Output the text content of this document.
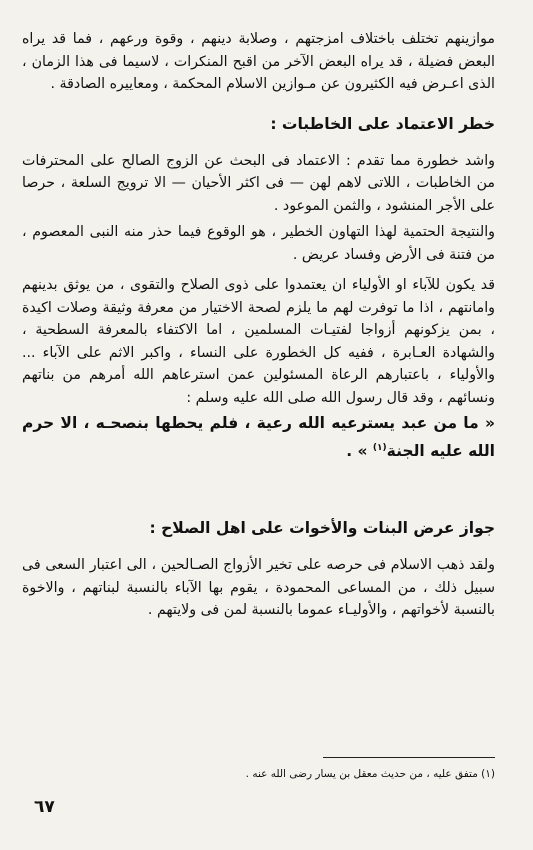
موازينهم تختلف باختلاف امزجتهم ، وصلابة دينهم ، وقوة ورعهم ، فما قد يراه البعض فضيلة ، قد يراه البعض الآخر من اقبح المنكرات ، لاسيما فى هذا الزمان ، الذى اعـرض فيه الكثيرون عن مـوازين الاسلام المحكمة ، ومعاييره الصادقة .

خطر الاعتماد على الخاطبات :

واشد خطورة مما تقدم : الاعتماد فى البحث عن الزوج الصالح على المحترفات من الخاطبات ، اللاتى لاهم لهن — فى اكثر الأحيان — الا ترويج السلعة ، حرصا على الأجر المنشود ، والثمن الموعود .

والنتيجة الحتمية لهذا التهاون الخطير ، هو الوقوع فيما حذر منه النبى المعصوم ، من فتنة فى الأرض وفساد عريض .

قد يكون للآباء او الأولياء ان يعتمدوا على ذوى الصلاح والتقوى ، من يوثق بدينهم وامانتهم ، اذا ما توفرت لهم ما يلزم لصحة الاختيار من معرفة وثيقة وصلات اكيدة ، بمن يزكونهم أزواجا لفتيـات المسلمين ، اما الاكتفاء بالمعرفة السطحية ، والشهادة العـابرة ، ففيه كل الخطورة على النساء ، واكبر الاثم على الآباء ... والأولياء ، باعتبارهم الرعاة المسئولين عمن استرعاهم الله أمرهم من بناتهم ونسائهم ، وقد قال رسول الله صلى الله عليه وسلم :

« ما من عبد يسترعيه الله رعية ، فلم يحطها بنصحـه ، الا حرم الله عليه الجنة$^{(١)}$ » .

جواز عرض البنات والأخوات على اهل الصلاح :

ولقد ذهب الاسلام فى حرصه على تخير الأزواج الصـالحين ، الى اعتبار السعى فى سبيل ذلك ، من المساعى المحمودة ، يقوم بها الآباء بالنسبة لبناتهم ، والاخوة بالنسبة لأخواتهم ، والأوليـاء عموما بالنسبة لمن فى ولايتهم .

(١) متفق عليه ، من حديث معقل بن يسار رضى الله عنه .

٦٧
